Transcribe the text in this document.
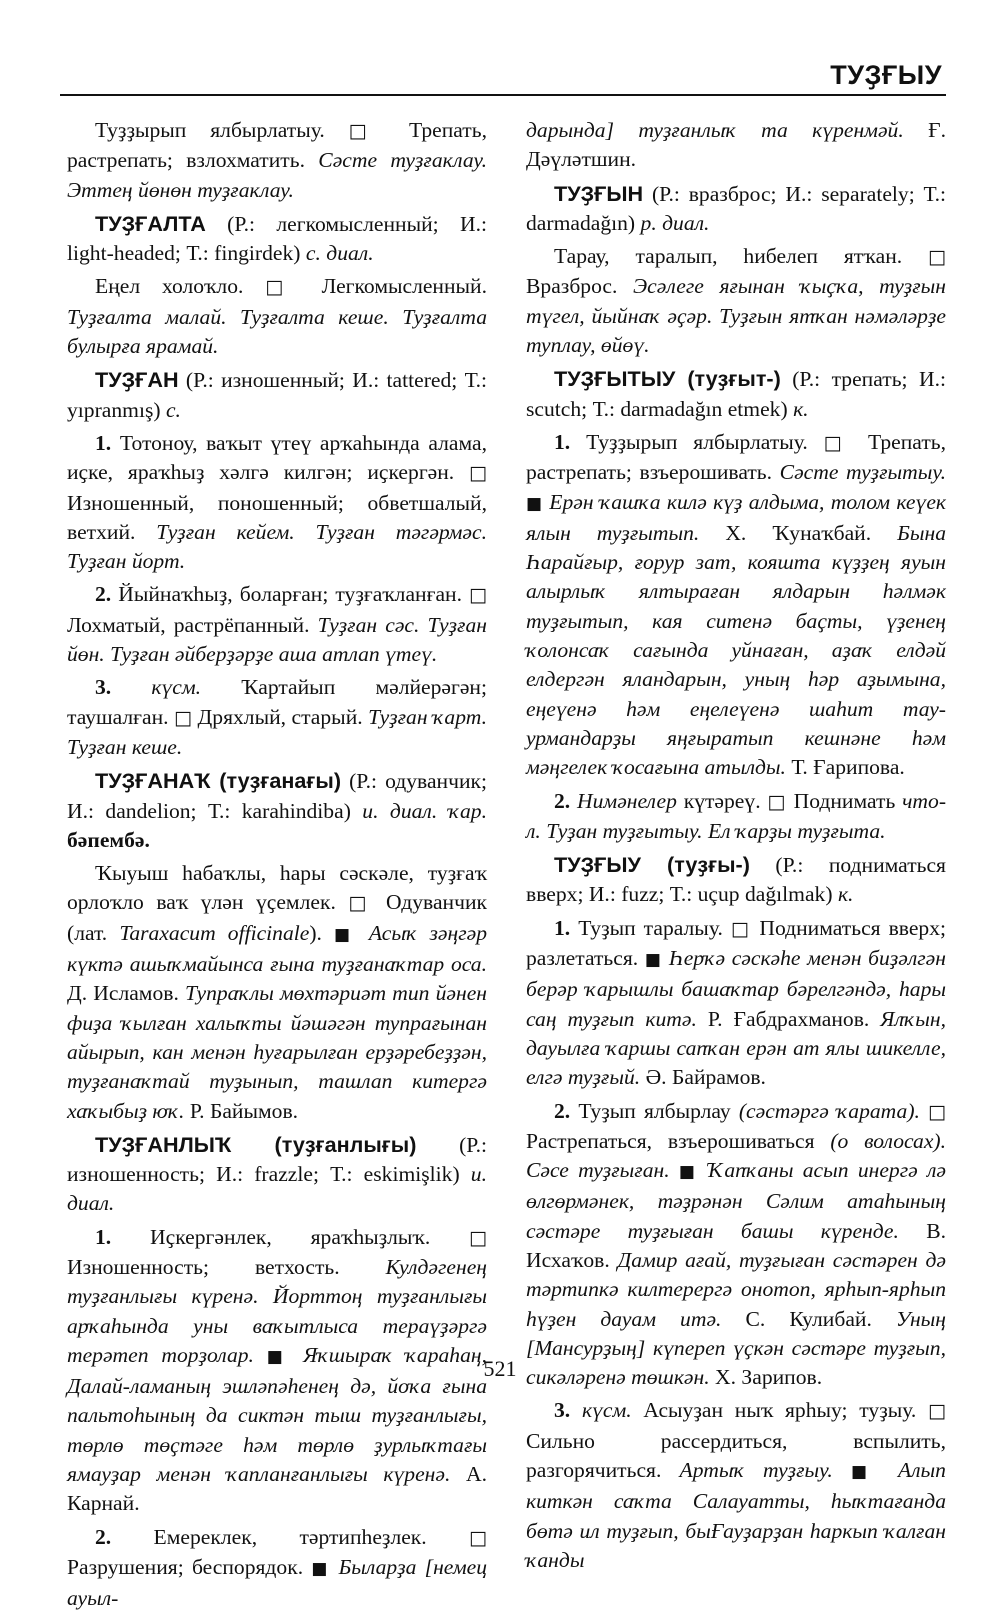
ТУҘҒЫУ

Туҙҙырып ялбырлатыу. □ Трепать, растрепать; взлохматить. Сәсте туҙғаклау. Эттең йөнөн туҙғаклау.

ТУҘҒАЛТА (Р.: легкомысленный; И.: light-headed; Т.: fingirdek) с. диал.

Еңел холоҡло. □ Легкомысленный. Туҙғалта малай. Туҙғалта кеше. Туҙғалта булырға ярамай.

ТУҘҒАН (Р.: изношенный; И.: tattered; Т.: yıpranmış) с.

1. Тотоноу, ваҡыт үтеү арҡаһында алама, иҫке, яраҡһыҙ хәлгә килгән; иҫкергән. □ Изношенный, поношенный; обветшалый, ветхий. Туҙған кейем. Туҙған тәгәрмәс. Туҙған йорт.

2. Йыйнаҡһыҙ, боларған; туҙғаҡланған. □ Лохматый, растрёпанный. Туҙған сәс. Туҙған йөн. Туҙған әйберҙәрҙе аша атлап үтеү.

3. күсм. Ҡартайып мәлйерәгән; таушалған. □ Дряхлый, старый. Туҙған ҡарт. Туҙған кеше.

ТУҘҒАНАҠ (туҙғанағы) (Р.: одуванчик; И.: dandelion; Т.: karahindiba) и. диал. ҡар. бәпембә.

Ҡыуыш һабаҡлы, һары сәскәле, туҙғаҡ орлоҡло ваҡ үлән үҫемлек. □ Одуванчик (лат. Taraxacum officinale). ■ Асыҡ зәңгәр күктә ашыҡмайынса ғына туҙғанаҡтар оса. Д. Исламов. Тупраҡлы мөхтәриәт тип йәнен фиҙа ҡылған халыҡты йәшәгән тупрағынан айырып, кан менән һуғарылған ерҙәребеҙҙән, туҙғанаҡтай туҙынып, ташлап китергә хаҡыбыҙ юҡ. Р. Байымов.

ТУҘҒАНЛЫҠ (туҙғанлығы) (Р.: изношенность; И.: frazzle; Т.: eskimişlik) и. диал.

1. Иҫкергәнлек, яраҡһыҙлыҡ. □ Изношенность; ветхость. Кулдәгенең туҙғанлығы күренә. Йорттоң туҙғанлығы арҡаһында уны ваҡытлыса тераүҙәргә терәтеп торҙолар. ■ Яҡшыраҡ ҡараһаң, Далай-ламаның эшләпәһенең дә, йоҡа ғына пальтоһының да сиктән тыш туҙғанлығы, төрлө төҫтәге һәм төрлө ҙурлыҡтағы ямауҙар менән ҡапланғанлығы күренә. А. Карнай.

2. Емереклек, тәртипһеҙлек. □ Разрушения; беспорядок. ■ Быларҙа [немец ауыл-

дарында] туҙғанлыҡ та күренмәй. Ғ. Дәүләтшин.

ТУҘҒЫН (Р.: вразброс; И.: separately; Т.: darmadağın) р. диал.

Тарау, таралып, һибелеп ятҡан. □ Вразброс. Эсәлеге яғынан ҡыҫҡа, туҙғын түгел, йыйнаҡ әҫәр. Туҙғын ятҡан нәмәләрҙе туплау, өйөү.

ТУҘҒЫТЫУ (туҙғыт-) (Р.: трепать; И.: scutch; Т.: darmadağın etmek) к.

1. Туҙҙырып ялбырлатыу. □ Трепать, растрепать; взъерошивать. Сәсте туҙғытыу. ■ Ерән ҡашҡа килә күҙ алдыма, толом кеүек ялын туҙғытып. Х. Ҡунаҡбай. Бына Һарайғыр, ғорур зат, кояшта күҙҙең яуын алырлыҡ ялтыраған ялдарын һәлмәк туҙғытып, кая ситенә баҫты, үҙенең ҡолонсаҡ сағында уйнаған, аҙаҡ елдәй елдергән яландарын, уның һәр аҙымына, еңеүенә һәм еңелеүенә шаһит тау-урмандарҙы яңғыратып кешнәне һәм мәңгелек ҡосағына атылды. Т. Ғарипова.

2. Нимәнелер күтәреү. □ Поднимать что-л. Туҙан туҙғытыу. Ел ҡарҙы туҙғыта.

ТУҘҒЫУ (туҙғы-) (Р.: подниматься вверх; И.: fuzz; Т.: uçup dağılmak) к.

1. Туҙып таралыу. □ Подниматься вверх; разлетаться. ■ Һерҡә сәскәһе менән биҙәлгән берәр ҡарышлы башаҡтар бәрелгәндә, һары саң туҙғып китә. Р. Ғабдрахманов. Ялҡын, дауылға ҡаршы сапҡан ерән ат ялы шикелле, елгә туҙғый. Ә. Байрамов.

2. Туҙып ялбырлау (сәстәргә ҡарата). □ Растрепаться, взъерошиваться (о волосах). Сәсе туҙғыған. ■ Ҡапҡаны асып инергә лә өлгөрмәнек, тәҙрәнән Сәлим атаһының сәстәре туҙғыған башы күренде. В. Исхаҡов. Дамир ағай, туҙғыған сәстәрен дә тәртипкә килтерергә онотоп, ярһып-ярһып һүҙен дауам итә. С. Кулибай. Уның [Мансурҙың] күпереп үҫкән сәстәре туҙғып, сикәләренә төшкән. Х. Зарипов.

3. күсм. Асыуҙан ныҡ ярһыу; туҙыу. □ Сильно рассердиться, вспылить, разгорячиться. Артыҡ туҙғыу. ■ Алып киткән саҡта Салауатты, һыҡтағанда бөтә ил туҙғып, быҒауҙарҙан һаркып ҡалған ҡанды

521
